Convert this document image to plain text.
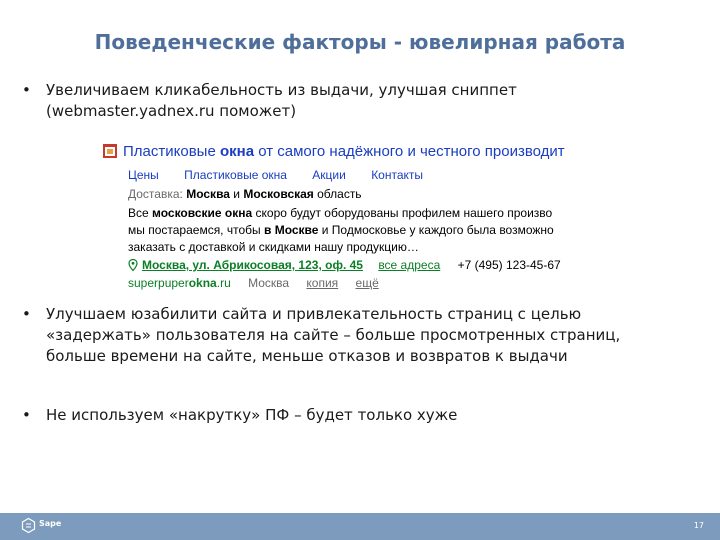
Поведенческие факторы - ювелирная работа
• Увеличиваем кликабельность из выдачи, улучшая сниппет
(webmaster.yadnex.ru поможет)
Пластиковые окна от самого надёжного и честного производит
Цены Пластиковые окна Акции Контакты
Доставка: Москва и Московская область
Все московские окна скоро будут оборудованы профилем нашего произво
мы постараемся, чтобы в Москве и Подмосковье у каждого была возможно
заказать с доставкой и скидками нашу продукцию…
Москва, ул. Абрикосовая, 123, оф. 45 все адреса +7 (495) 123-45-67
superpuperokna.ru Москва копия ещё
• Улучшаем юзабилити сайта и привлекательность страниц с целью
«задержать» пользователя на сайте – больше просмотренных страниц,
больше времени на сайте, меньше отказов и возвратов к выдачи
• Не используем «накрутку» ПФ – будет только хуже
Sape	17
